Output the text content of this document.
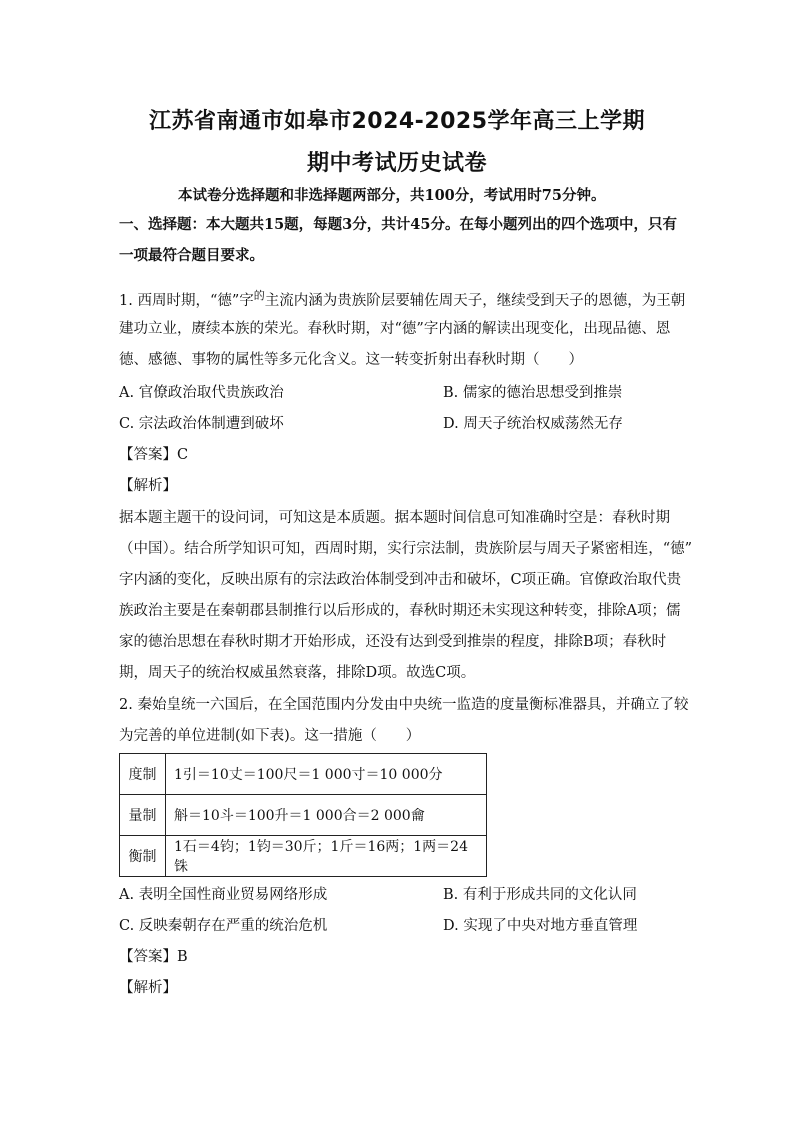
江苏省南通市如皋市2024-2025学年高三上学期
期中考试历史试卷
本试卷分选择题和非选择题两部分，共100分，考试用时75分钟。
一、选择题：本大题共15题，每题3分，共计45分。在每小题列出的四个选项中，只有
一项最符合题目要求。
1. 西周时期，“德”字$^的$主流内涵为贵族阶层要辅佐周天子，继续受到天子的恩德，为王朝
建功立业，赓续本族的荣光。春秋时期，对“德”字内涵的解读出现变化，出现品德、恩
德、感德、事物的属性等多元化含义。这一转变折射出春秋时期（　　）
A. 官僚政治取代贵族政治	B. 儒家的德治思想受到推崇
C. 宗法政治体制遭到破坏	D. 周天子统治权威荡然无存
【答案】C
【解析】
据本题主题干的设问词，可知这是本质题。据本题时间信息可知准确时空是：春秋时期
（中国）。结合所学知识可知，西周时期，实行宗法制，贵族阶层与周天子紧密相连，“德”
字内涵的变化，反映出原有的宗法政治体制受到冲击和破坏，C项正确。官僚政治取代贵
族政治主要是在秦朝郡县制推行以后形成的，春秋时期还未实现这种转变，排除A项；儒
家的德治思想在春秋时期才开始形成，还没有达到受到推崇的程度，排除B项；春秋时
期，周天子的统治权威虽然衰落，排除D项。故选C项。
2. 秦始皇统一六国后，在全国范围内分发由中央统一监造的度量衡标准器具，并确立了较
为完善的单位进制(如下表)。这一措施（　　）
度制	1引＝10丈＝100尺＝1 000寸＝10 000分
量制	斛＝10斗＝100升＝1 000合＝2 000龠
衡制	1石＝4钧；1钧＝30斤；1斤＝16两；1两＝24铢
A. 表明全国性商业贸易网络形成	B. 有利于形成共同的文化认同
C. 反映秦朝存在严重的统治危机	D. 实现了中央对地方垂直管理
【答案】B
【解析】
